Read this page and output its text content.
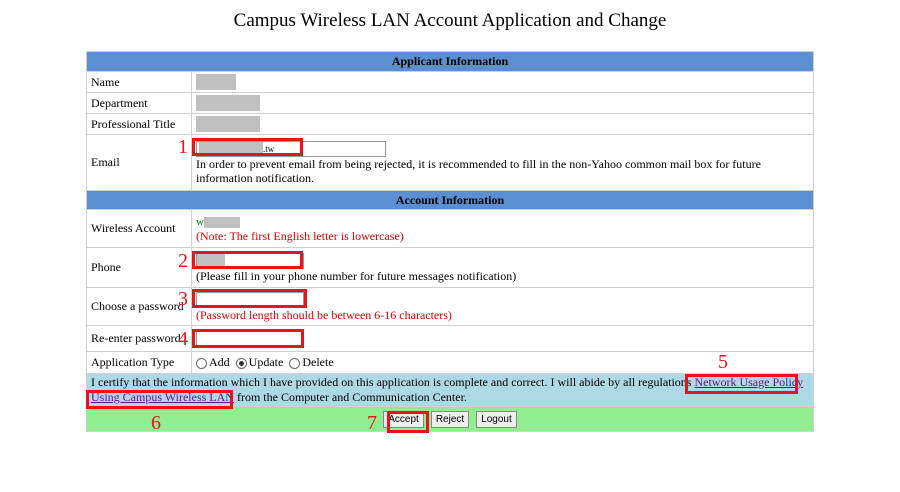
Campus Wireless LAN Account Application and Change
Applicant Information	
Name	
Department	
Professional Title	
Email	$^{.tw}$
In order to prevent email from being rejected, it is recommended to fill in the non-Yahoo common mail box for future information notification.
Account Information	
Wireless Account	w
(Note: The first English letter is lowercase)
Phone	(Please fill in your phone number for future messages notification)
Choose a password	(Password length should be between 6-16 characters)
Re-enter password	
Application Type	Add Update Delete
I certify that the information which I have provided on this application is complete and correct. I will abide by all regulations Network Usage Policy Using Campus Wireless LAN from the Computer and Communication Center.	
Accept Reject Logout	
1
2
3
4
5
6	7
